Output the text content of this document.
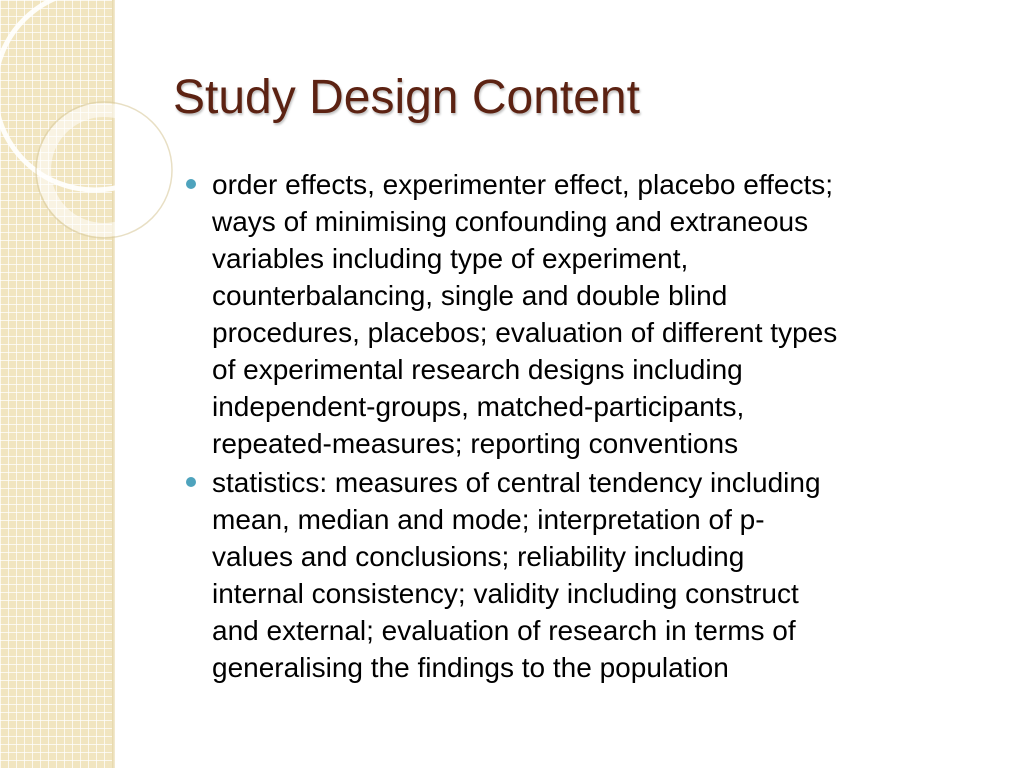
Study Design Content
order effects, experimenter effect, placebo effects;
ways of minimising confounding and extraneous
variables including type of experiment,
counterbalancing, single and double blind
procedures, placebos; evaluation of different types
of experimental research designs including
independent-groups, matched-participants,
repeated-measures; reporting conventions
statistics: measures of central tendency including
mean, median and mode; interpretation of p-
values and conclusions; reliability including
internal consistency; validity including construct
and external; evaluation of research in terms of
generalising the findings to the population
